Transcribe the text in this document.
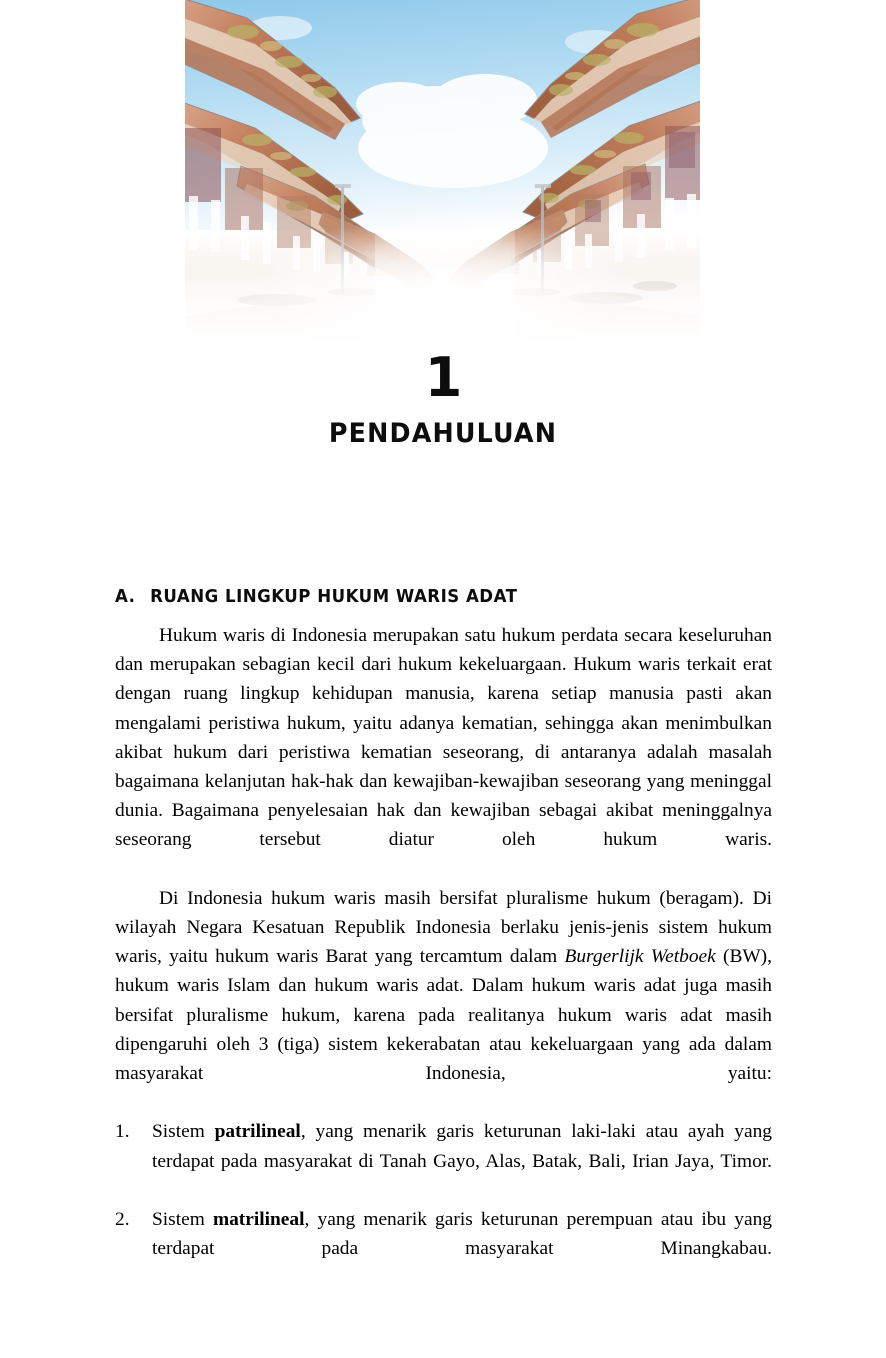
1
PENDAHULUAN
A. RUANG LINGKUP HUKUM WARIS ADAT

Hukum waris di Indonesia merupakan satu hukum perdata secara keseluruhan dan merupakan sebagian kecil dari hukum kekeluargaan. Hukum waris terkait erat dengan ruang lingkup kehidupan manusia, karena setiap manusia pasti akan mengalami peristiwa hukum, yaitu adanya kematian, sehingga akan menimbulkan akibat hukum dari peristiwa kematian seseorang, di antaranya adalah masalah bagaimana kelanjutan hak-hak dan kewajiban-kewajiban seseorang yang meninggal dunia. Bagaimana penyelesaian hak dan kewajiban sebagai akibat meninggalnya seseorang tersebut diatur oleh hukum waris.

Di Indonesia hukum waris masih bersifat pluralisme hukum (beragam). Di wilayah Negara Kesatuan Republik Indonesia berlaku jenis-jenis sistem hukum waris, yaitu hukum waris Barat yang tercamtum dalam Burgerlijk Wetboek (BW), hukum waris Islam dan hukum waris adat. Dalam hukum waris adat juga masih bersifat pluralisme hukum, karena pada realitanya hukum waris adat masih dipengaruhi oleh 3 (tiga) sistem kekerabatan atau kekeluargaan yang ada dalam masyarakat Indonesia, yaitu:

1.	Sistem patrilineal, yang menarik garis keturunan laki-laki atau ayah yang terdapat pada masyarakat di Tanah Gayo, Alas, Batak, Bali, Irian Jaya, Timor.
2.	Sistem matrilineal, yang menarik garis keturunan perempuan atau ibu yang terdapat pada masyarakat Minangkabau.
